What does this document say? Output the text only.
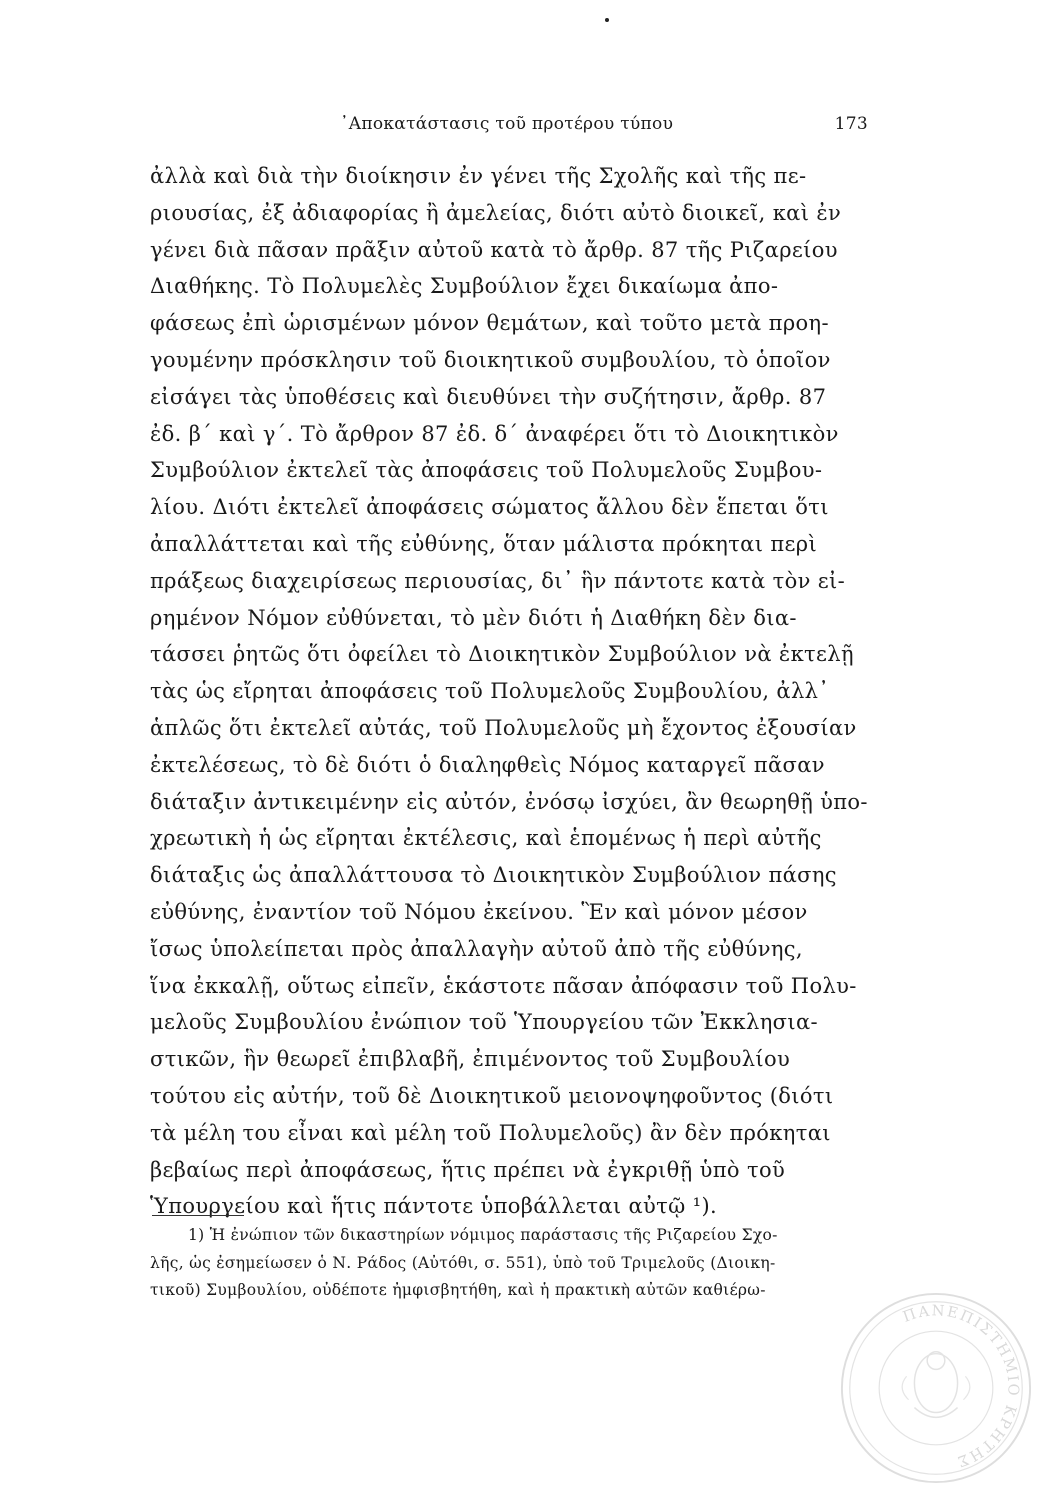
᾿Αποκατάστασις τοῦ προτέρου τύπου	173
ἀλλὰ καὶ διὰ τὴν διοίκησιν ἐν γένει τῆς Σχολῆς καὶ τῆς πε-
ριουσίας, ἐξ ἀδιαφορίας ἢ ἀμελείας, διότι αὐτὸ διοικεῖ, καὶ ἐν
γένει διὰ πᾶσαν πρᾶξιν αὐτοῦ κατὰ τὸ ἄρθρ. 87 τῆς Ριζαρείου
Διαθήκης. Τὸ Πολυμελὲς Συμβούλιον ἔχει δικαίωμα ἀπο-
φάσεως ἐπὶ ὡρισμένων μόνον θεμάτων, καὶ τοῦτο μετὰ προη-
γουμένην πρόσκλησιν τοῦ διοικητικοῦ συμβουλίου, τὸ ὁποῖον
εἰσάγει τὰς ὑποθέσεις καὶ διευθύνει τὴν συζήτησιν, ἄρθρ. 87
ἐδ. β΄ καὶ γ΄. Τὸ ἄρθρον 87 ἐδ. δ΄ ἀναφέρει ὅτι τὸ Διοικητικὸν
Συμβούλιον ἐκτελεῖ τὰς ἀποφάσεις τοῦ Πολυμελοῦς Συμβου-
λίου. Διότι ἐκτελεῖ ἀποφάσεις σώματος ἄλλου δὲν ἕπεται ὅτι
ἀπαλλάττεται καὶ τῆς εὐθύνης, ὅταν μάλιστα πρόκηται περὶ
πράξεως διαχειρίσεως περιουσίας, δι᾿ ἣν πάντοτε κατὰ τὸν εἰ-
ρημένον Νόμον εὐθύνεται, τὸ μὲν διότι ἡ Διαθήκη δὲν δια-
τάσσει ῥητῶς ὅτι ὀφείλει τὸ Διοικητικὸν Συμβούλιον νὰ ἐκτελῇ
τὰς ὡς εἴρηται ἀποφάσεις τοῦ Πολυμελοῦς Συμβουλίου, ἀλλ᾿
ἁπλῶς ὅτι ἐκτελεῖ αὐτάς, τοῦ Πολυμελοῦς μὴ ἔχοντος ἐξουσίαν
ἐκτελέσεως, τὸ δὲ διότι ὁ διαληφθεὶς Νόμος καταργεῖ πᾶσαν
διάταξιν ἀντικειμένην εἰς αὐτόν, ἐνόσῳ ἰσχύει, ἂν θεωρηθῇ ὑπο-
χρεωτικὴ ἡ ὡς εἴρηται ἐκτέλεσις, καὶ ἑπομένως ἡ περὶ αὐτῆς
διάταξις ὡς ἀπαλλάττουσα τὸ Διοικητικὸν Συμβούλιον πάσης
εὐθύνης, ἐναντίον τοῦ Νόμου ἐκείνου. Ἓν καὶ μόνον μέσον
ἴσως ὑπολείπεται πρὸς ἀπαλλαγὴν αὐτοῦ ἀπὸ τῆς εὐθύνης,
ἵνα ἐκκαλῇ, οὕτως εἰπεῖν, ἑκάστοτε πᾶσαν ἀπόφασιν τοῦ Πολυ-
μελοῦς Συμβουλίου ἐνώπιον τοῦ Ὑπουργείου τῶν Ἐκκλησια-
στικῶν, ἣν θεωρεῖ ἐπιβλαβῆ, ἐπιμένοντος τοῦ Συμβουλίου
τούτου εἰς αὐτήν, τοῦ δὲ Διοικητικοῦ μειονοψηφοῦντος (διότι
τὰ μέλη του εἶναι καὶ μέλη τοῦ Πολυμελοῦς) ἂν δὲν πρόκηται
βεβαίως περὶ ἀποφάσεως, ἥτις πρέπει νὰ ἐγκριθῇ ὑπὸ τοῦ
Ὑπουργείου καὶ ἥτις πάντοτε ὑποβάλλεται αὐτῷ ¹).
1) Ἡ ἐνώπιον τῶν δικαστηρίων νόμιμος παράστασις τῆς Ριζαρείου Σχο-
λῆς, ὡς ἐσημείωσεν ὁ Ν. Ράδος (Αὐτόθι, σ. 551), ὑπὸ τοῦ Τριμελοῦς (Διοικη-
τικοῦ) Συμβουλίου, οὐδέποτε ἠμφισβητήθη, καὶ ἡ πρακτικὴ αὐτῶν καθιέρω-
ΠΑΝΕΠΙΣΤΗΜΙΟ ΚΡΗΤΗΣ
